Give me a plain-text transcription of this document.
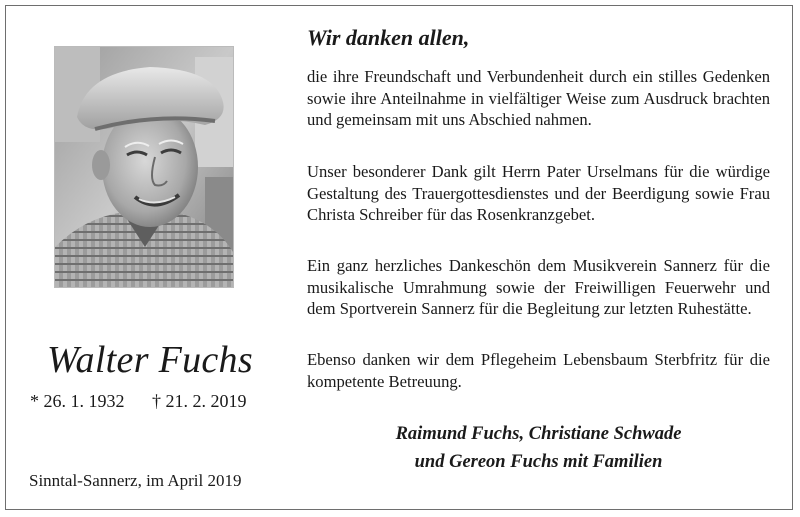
Walter Fuchs
* 26. 1. 1932 † 21. 2. 2019
Sinntal-Sannerz, im April 2019
Wir danken allen,

die ihre Freundschaft und Verbundenheit durch ein stilles Gedenken sowie ihre Anteilnahme in vielfältiger Weise zum Ausdruck brachten und gemeinsam mit uns Abschied nahmen.

Unser besonderer Dank gilt Herrn Pater Urselmans für die würdige Gestaltung des Trauergottesdienstes und der Beerdigung sowie Frau Christa Schreiber für das Rosenkranzgebet.

Ein ganz herzliches Dankeschön dem Musikverein Sannerz für die musikalische Umrahmung sowie der Freiwilligen Feuerwehr und dem Sportverein Sannerz für die Begleitung zur letzten Ruhestätte.

Ebenso danken wir dem Pflegeheim Lebensbaum Sterbfritz für die kompetente Betreuung.

Raimund Fuchs, Christiane Schwade
und Gereon Fuchs mit Familien
